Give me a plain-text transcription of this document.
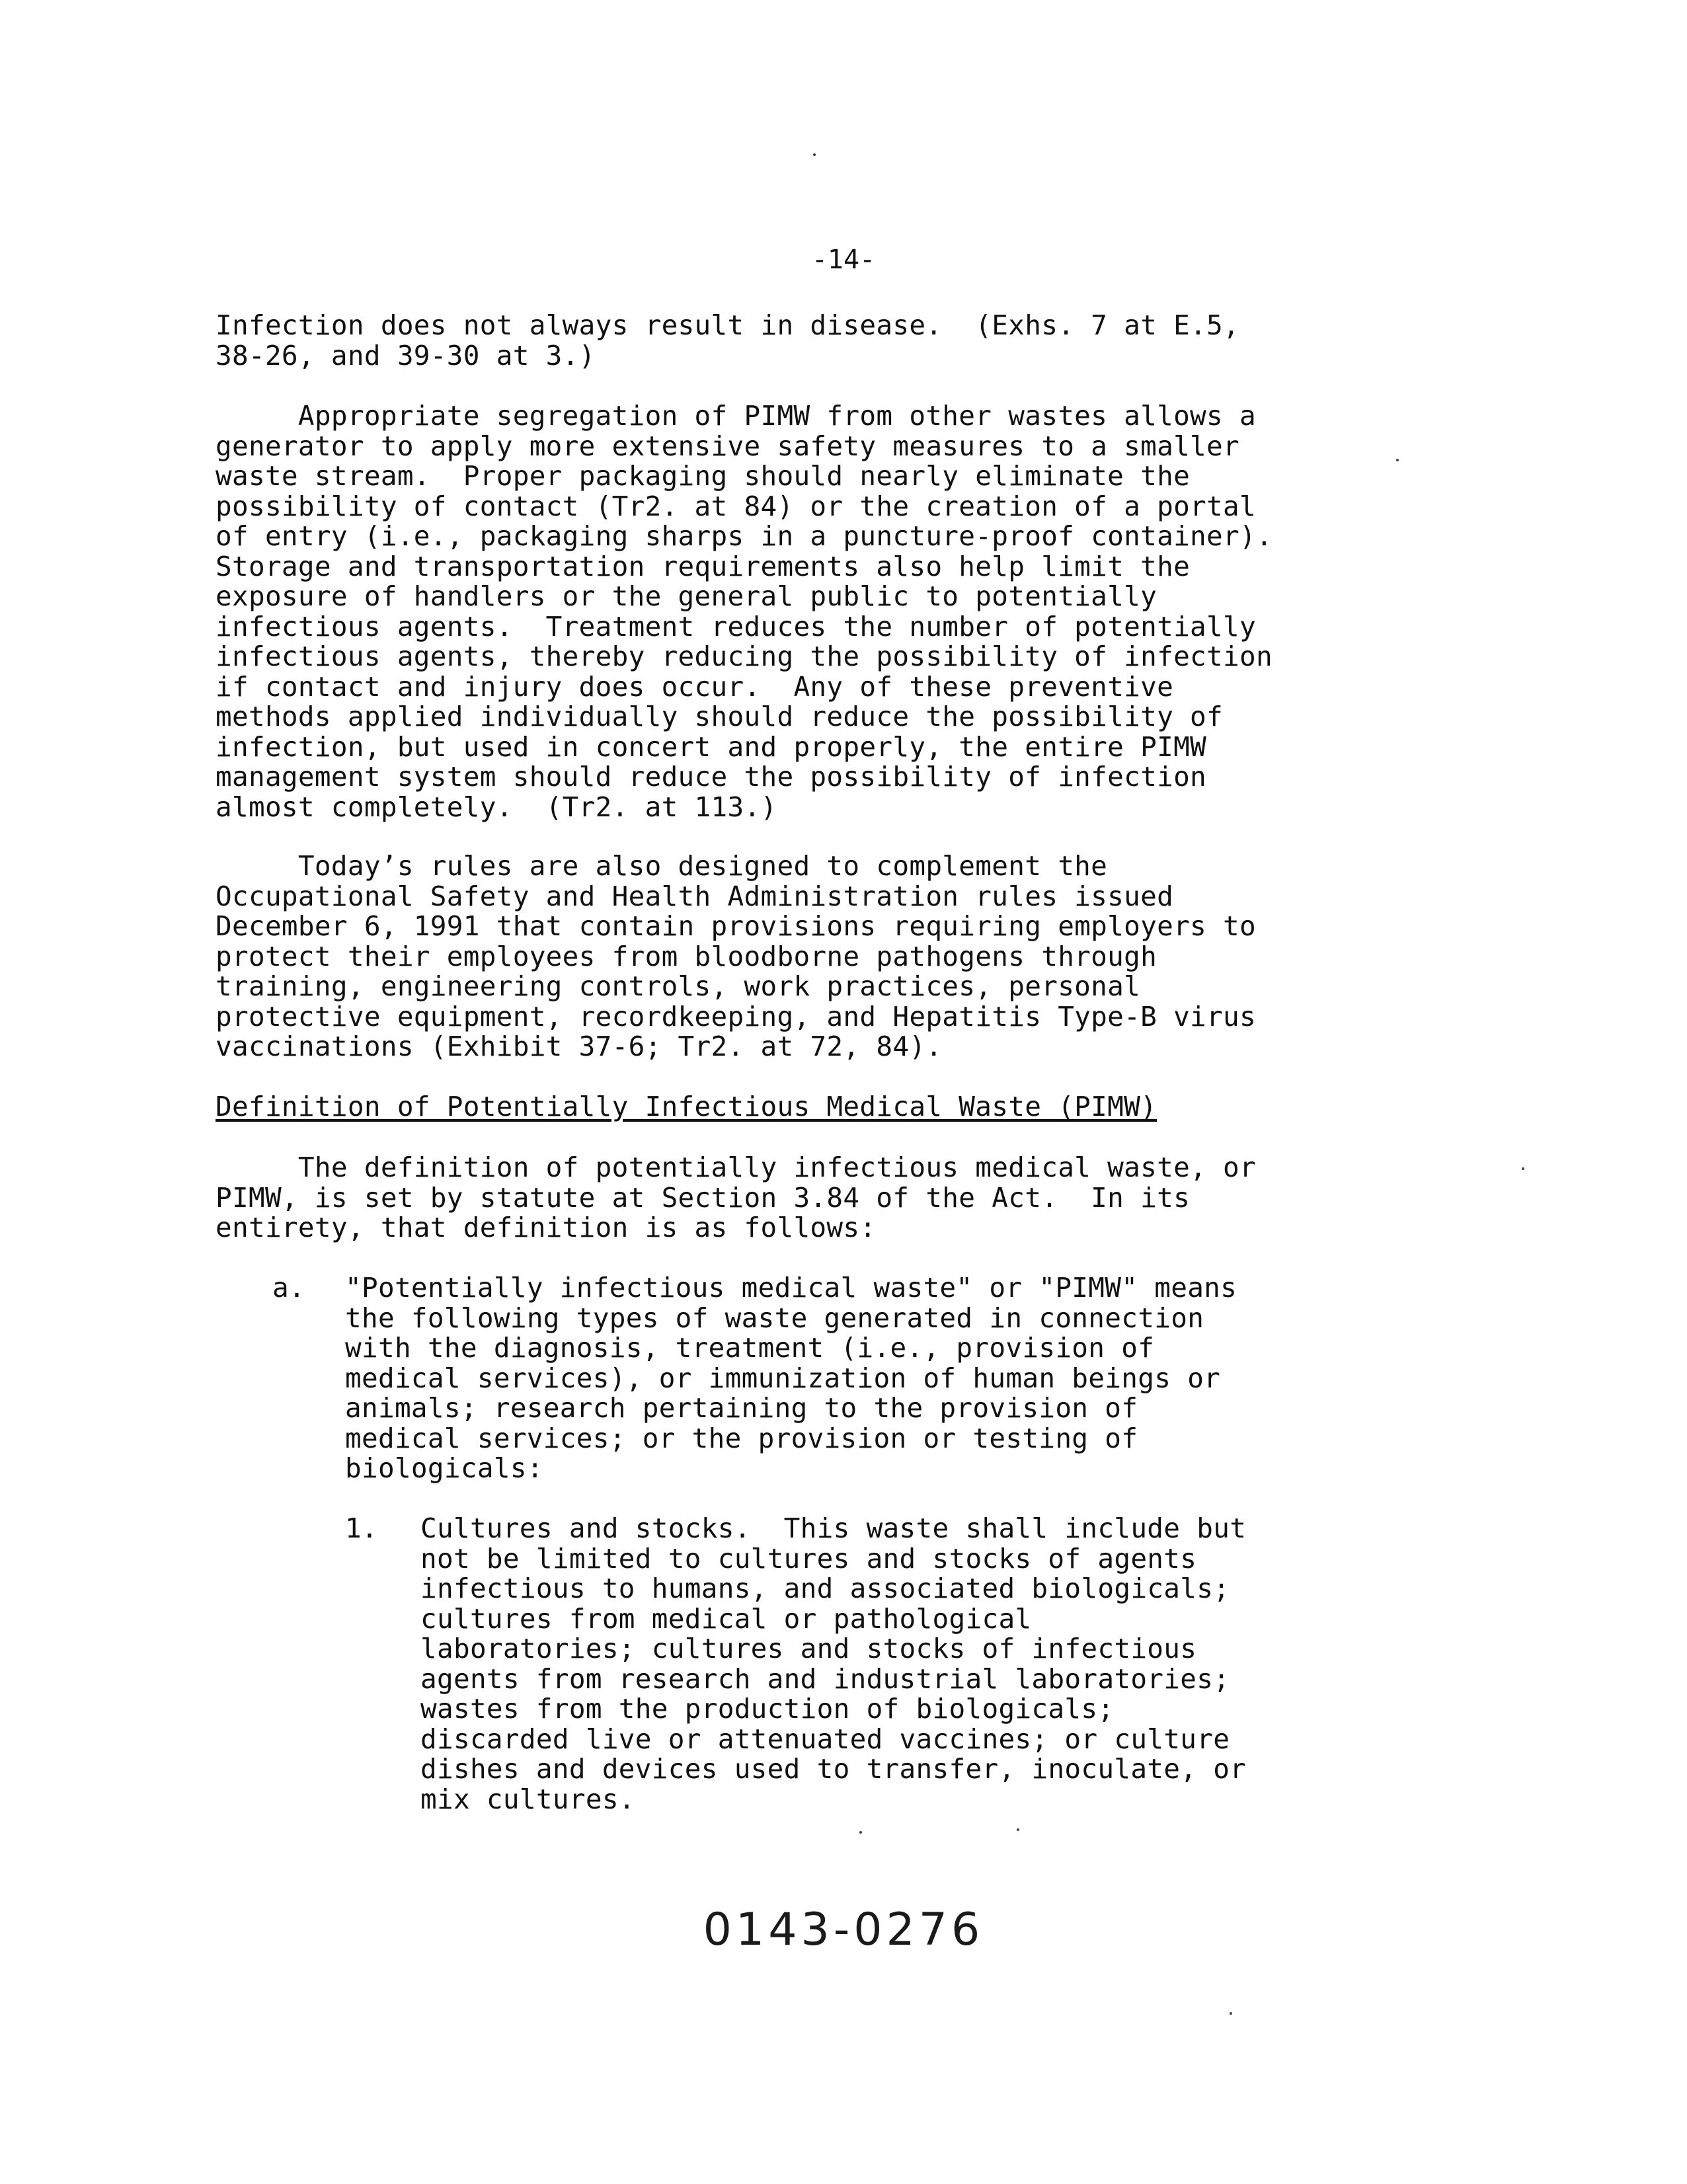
-14-
Infection does not always result in disease.  (Exhs. 7 at E.5,
38-26, and 39-30 at 3.)
Appropriate segregation of PIMW from other wastes allows a
generator to apply more extensive safety measures to a smaller
waste stream.  Proper packaging should nearly eliminate the
possibility of contact (Tr2. at 84) or the creation of a portal
of entry (i.e., packaging sharps in a puncture-proof container).
Storage and transportation requirements also help limit the
exposure of handlers or the general public to potentially
infectious agents.  Treatment reduces the number of potentially
infectious agents, thereby reducing the possibility of infection
if contact and injury does occur.  Any of these preventive
methods applied individually should reduce the possibility of
infection, but used in concert and properly, the entire PIMW
management system should reduce the possibility of infection
almost completely.  (Tr2. at 113.)
Today’s rules are also designed to complement the
Occupational Safety and Health Administration rules issued
December 6, 1991 that contain provisions requiring employers to
protect their employees from bloodborne pathogens through
training, engineering controls, work practices, personal
protective equipment, recordkeeping, and Hepatitis Type-B virus
vaccinations (Exhibit 37-6; Tr2. at 72, 84).
Definition of Potentially Infectious Medical Waste (PIMW)
The definition of potentially infectious medical waste, or
PIMW, is set by statute at Section 3.84 of the Act.  In its
entirety, that definition is as follows:
a. "Potentially infectious medical waste" or "PIMW" means
the following types of waste generated in connection
with the diagnosis, treatment (i.e., provision of
medical services), or immunization of human beings or
animals; research pertaining to the provision of
medical services; or the provision or testing of
biologicals:
1. Cultures and stocks.  This waste shall include but
not be limited to cultures and stocks of agents
infectious to humans, and associated biologicals;
cultures from medical or pathological
laboratories; cultures and stocks of infectious
agents from research and industrial laboratories;
wastes from the production of biologicals;
discarded live or attenuated vaccines; or culture
dishes and devices used to transfer, inoculate, or
mix cultures.
0143-0276
